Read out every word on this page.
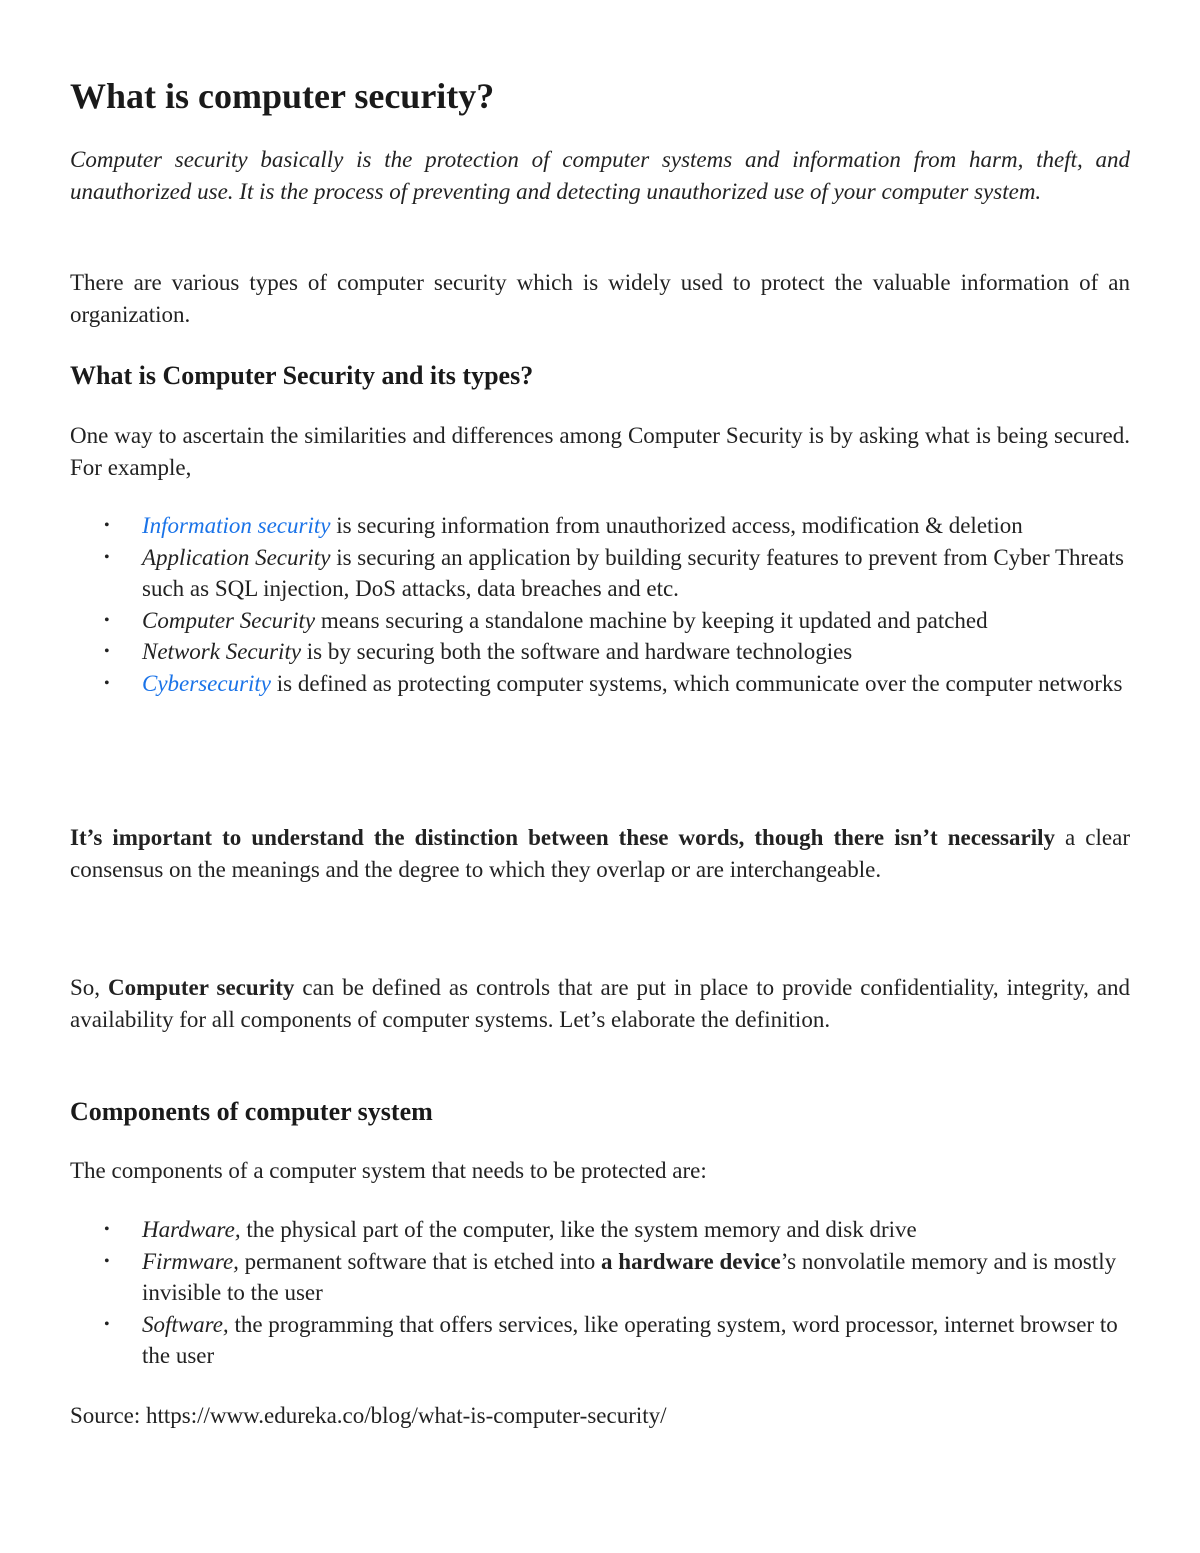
What is computer security?

Computer security basically is the protection of computer systems and information from harm, theft, and unauthorized use. It is the process of preventing and detecting unauthorized use of your computer system.

There are various types of computer security which is widely used to protect the valuable information of an organization.

What is Computer Security and its types?

One way to ascertain the similarities and differences among Computer Security is by asking what is being secured. For example,

• Information security is securing information from unauthorized access, modification & deletion
• Application Security is securing an application by building security features to prevent from Cyber Threats such as SQL injection, DoS attacks, data breaches and etc.
• Computer Security means securing a standalone machine by keeping it updated and patched
• Network Security is by securing both the software and hardware technologies
• Cybersecurity is defined as protecting computer systems, which communicate over the computer networks

It’s important to understand the distinction between these words, though there isn’t necessarily a clear consensus on the meanings and the degree to which they overlap or are interchangeable.

So, Computer security can be defined as controls that are put in place to provide confidentiality, integrity, and availability for all components of computer systems. Let’s elaborate the definition.

Components of computer system

The components of a computer system that needs to be protected are:

• Hardware, the physical part of the computer, like the system memory and disk drive
• Firmware, permanent software that is etched into a hardware device’s nonvolatile memory and is mostly invisible to the user
• Software, the programming that offers services, like operating system, word processor, internet browser to the user

Source: https://www.edureka.co/blog/what-is-computer-security/
